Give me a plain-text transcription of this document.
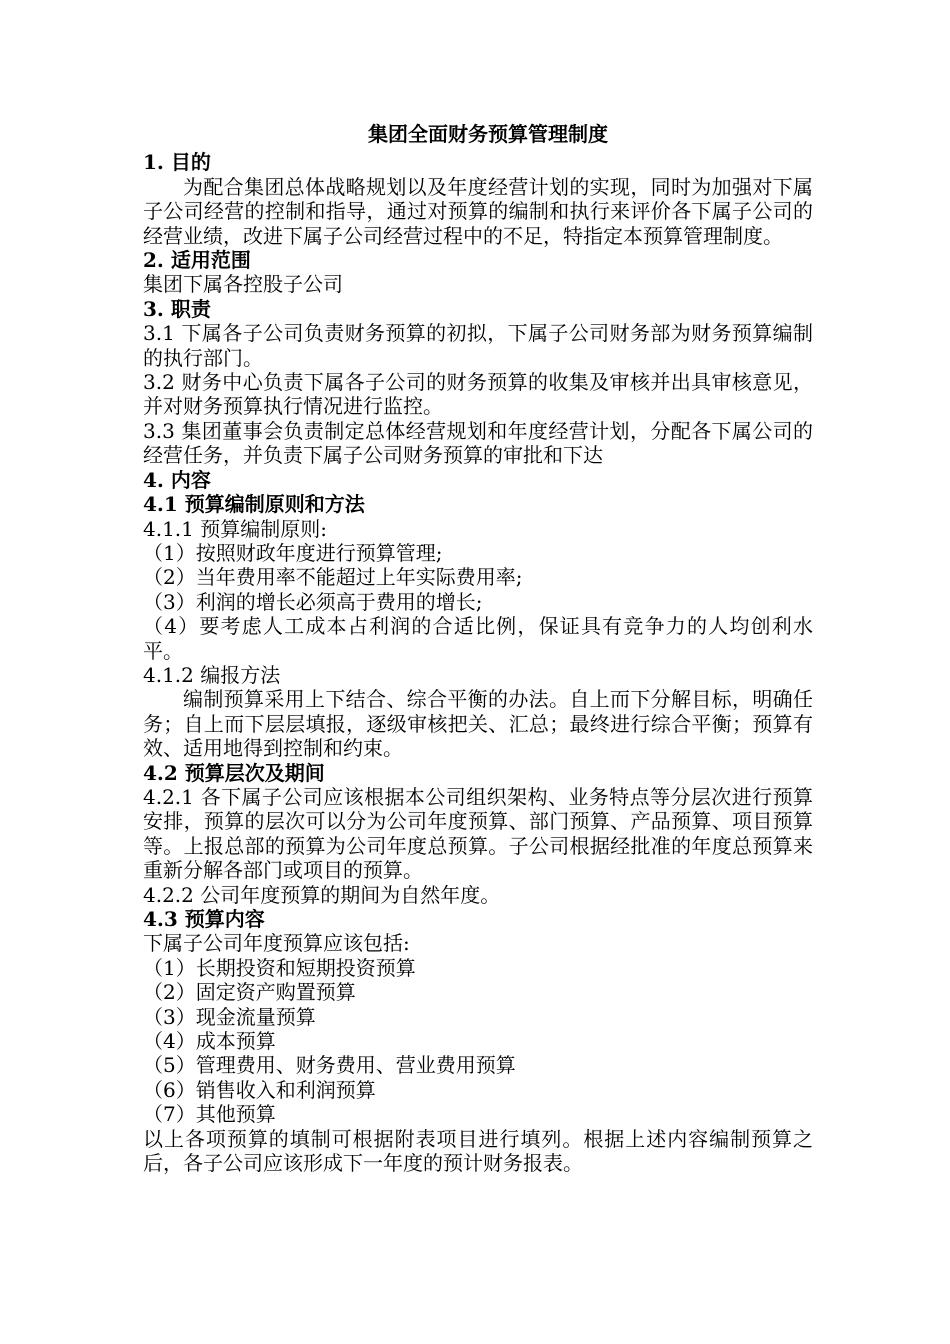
集团全面财务预算管理制度
1. 目的
为配合集团总体战略规划以及年度经营计划的实现，同时为加强对下属子公司经营的控制和指导，通过对预算的编制和执行来评价各下属子公司的经营业绩，改进下属子公司经营过程中的不足，特指定本预算管理制度。
2. 适用范围
集团下属各控股子公司
3. 职责
3.1 下属各子公司负责财务预算的初拟，下属子公司财务部为财务预算编制的执行部门。
3.2 财务中心负责下属各子公司的财务预算的收集及审核并出具审核意见，并对财务预算执行情况进行监控。
3.3 集团董事会负责制定总体经营规划和年度经营计划，分配各下属公司的经营任务，并负责下属子公司财务预算的审批和下达
4. 内容
4.1 预算编制原则和方法
4.1.1 预算编制原则:
（1）按照财政年度进行预算管理;
（2）当年费用率不能超过上年实际费用率;
（3）利润的增长必须高于费用的增长;
（4）要考虑人工成本占利润的合适比例，保证具有竞争力的人均创利水平。
4.1.2 编报方法
编制预算采用上下结合、综合平衡的办法。自上而下分解目标，明确任务；自上而下层层填报，逐级审核把关、汇总；最终进行综合平衡；预算有效、适用地得到控制和约束。
4.2 预算层次及期间
4.2.1 各下属子公司应该根据本公司组织架构、业务特点等分层次进行预算安排，预算的层次可以分为公司年度预算、部门预算、产品预算、项目预算等。上报总部的预算为公司年度总预算。子公司根据经批准的年度总预算来重新分解各部门或项目的预算。
4.2.2 公司年度预算的期间为自然年度。
4.3 预算内容
下属子公司年度预算应该包括:
（1）长期投资和短期投资预算
（2）固定资产购置预算
（3）现金流量预算
（4）成本预算
（5）管理费用、财务费用、营业费用预算
（6）销售收入和利润预算
（7）其他预算
以上各项预算的填制可根据附表项目进行填列。根据上述内容编制预算之后，各子公司应该形成下一年度的预计财务报表。
